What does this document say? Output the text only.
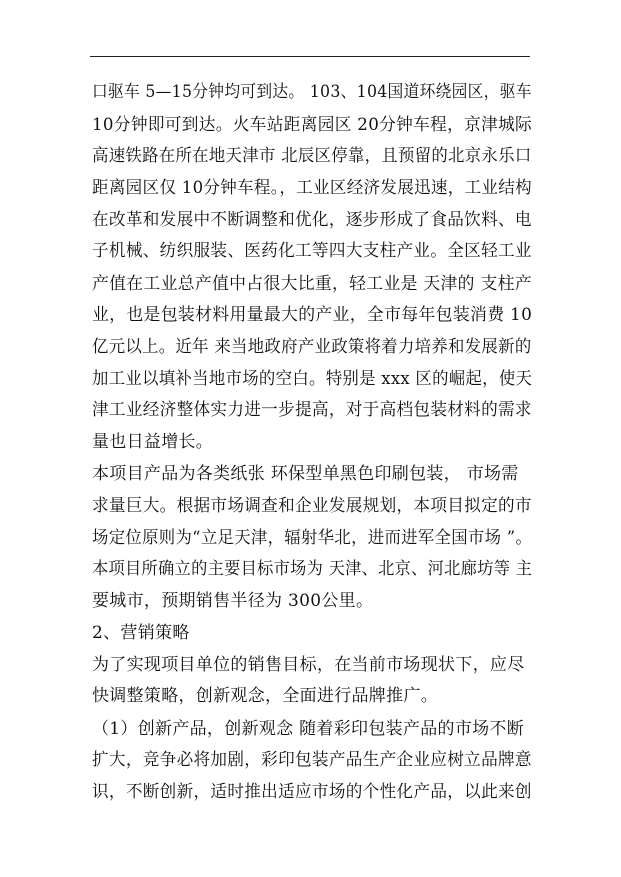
口驱车 5—15分钟均可到达。 103、104国道环绕园区，驱车
10分钟即可到达。火车站距离园区 20分钟车程，京津城际
高速铁路在所在地天津市 北辰区停靠，且预留的北京永乐口
距离园区仅 10分钟车程。，工业区经济发展迅速，工业结构
在改革和发展中不断调整和优化，逐步形成了食品饮料、电
子机械、纺织服装、医药化工等四大支柱产业。全区轻工业
产值在工业总产值中占很大比重，轻工业是 天津的 支柱产
业，也是包装材料用量最大的产业，全市每年包装消费 10
亿元以上。近年 来当地政府产业政策将着力培养和发展新的
加工业以填补当地市场的空白。特别是 xxx 区的崛起，使天
津工业经济整体实力进一步提高，对于高档包装材料的需求
量也日益增长。
本项目产品为各类纸张 环保型单黑色印刷包装， 市场需
求量巨大。根据市场调查和企业发展规划，本项目拟定的市
场定位原则为“立足天津，辐射华北，进而进军全国市场 ”。
本项目所确立的主要目标市场为 天津、北京、河北廊坊等 主
要城市，预期销售半径为 300公里。
2、营销策略
为了实现项目单位的销售目标，在当前市场现状下，应尽
快调整策略，创新观念，全面进行品牌推广。
（1）创新产品，创新观念 随着彩印包装产品的市场不断
扩大，竞争必将加剧，彩印包装产品生产企业应树立品牌意
识，不断创新，适时推出适应市场的个性化产品，以此来创
